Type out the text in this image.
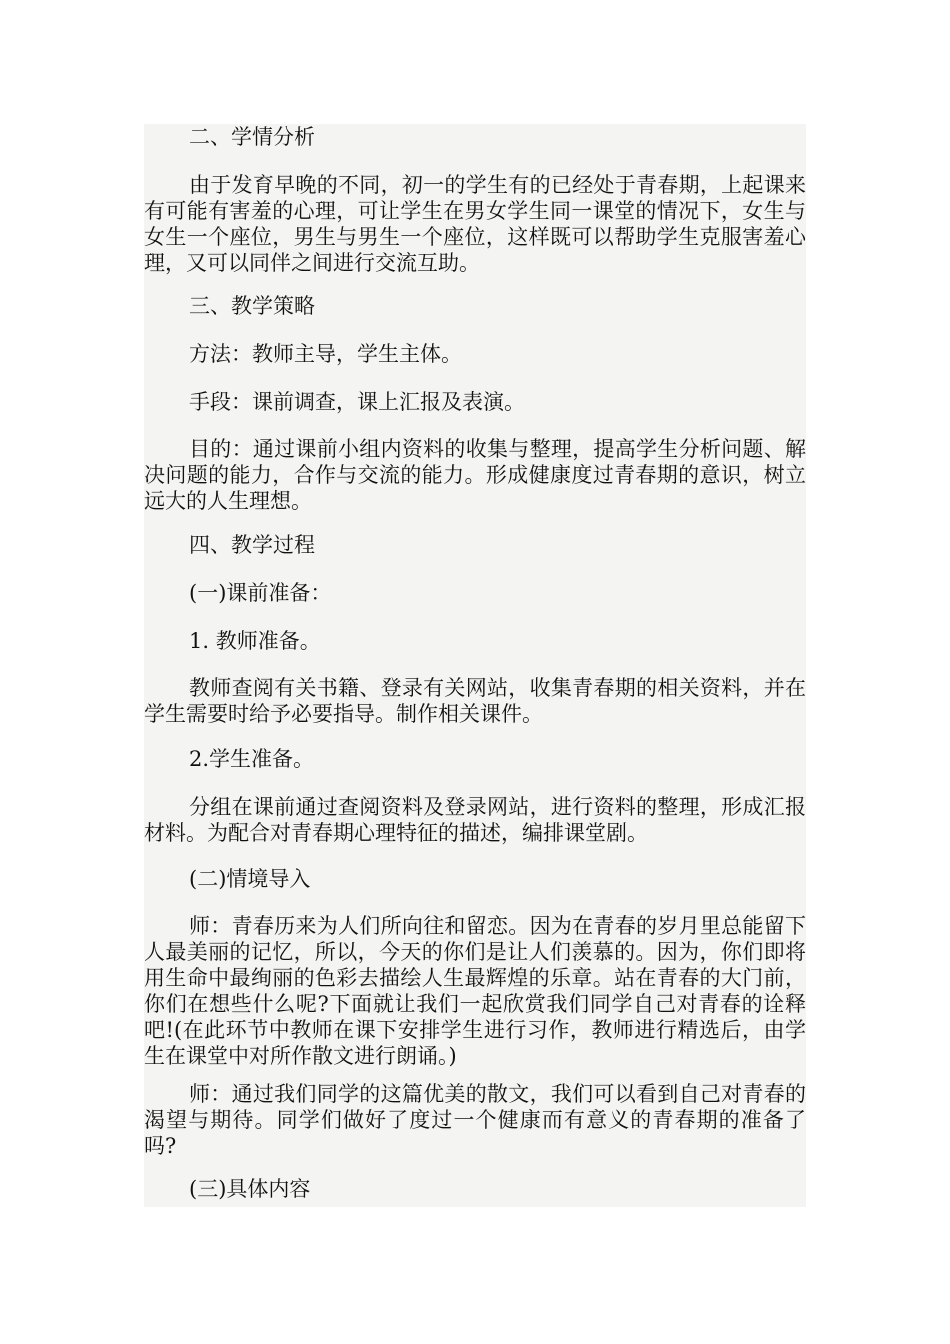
二、学情分析

由于发育早晚的不同，初一的学生有的已经处于青春期，上起课来有可能有害羞的心理，可让学生在男女学生同一课堂的情况下，女生与女生一个座位，男生与男生一个座位，这样既可以帮助学生克服害羞心理，又可以同伴之间进行交流互助。

三、教学策略

方法：教师主导，学生主体。

手段：课前调查，课上汇报及表演。

目的：通过课前小组内资料的收集与整理，提高学生分析问题、解决问题的能力，合作与交流的能力。形成健康度过青春期的意识，树立远大的人生理想。

四、教学过程

(一)课前准备：

1. 教师准备。

教师查阅有关书籍、登录有关网站，收集青春期的相关资料，并在学生需要时给予必要指导。制作相关课件。

2.学生准备。

分组在课前通过查阅资料及登录网站，进行资料的整理，形成汇报材料。为配合对青春期心理特征的描述，编排课堂剧。

(二)情境导入

师：青春历来为人们所向往和留恋。因为在青春的岁月里总能留下人最美丽的记忆，所以，今天的你们是让人们羡慕的。因为，你们即将用生命中最绚丽的色彩去描绘人生最辉煌的乐章。站在青春的大门前，你们在想些什么呢?下面就让我们一起欣赏我们同学自己对青春的诠释吧!(在此环节中教师在课下安排学生进行习作，教师进行精选后，由学生在课堂中对所作散文进行朗诵。)

师：通过我们同学的这篇优美的散文，我们可以看到自己对青春的渴望与期待。同学们做好了度过一个健康而有意义的青春期的准备了吗?

(三)具体内容
